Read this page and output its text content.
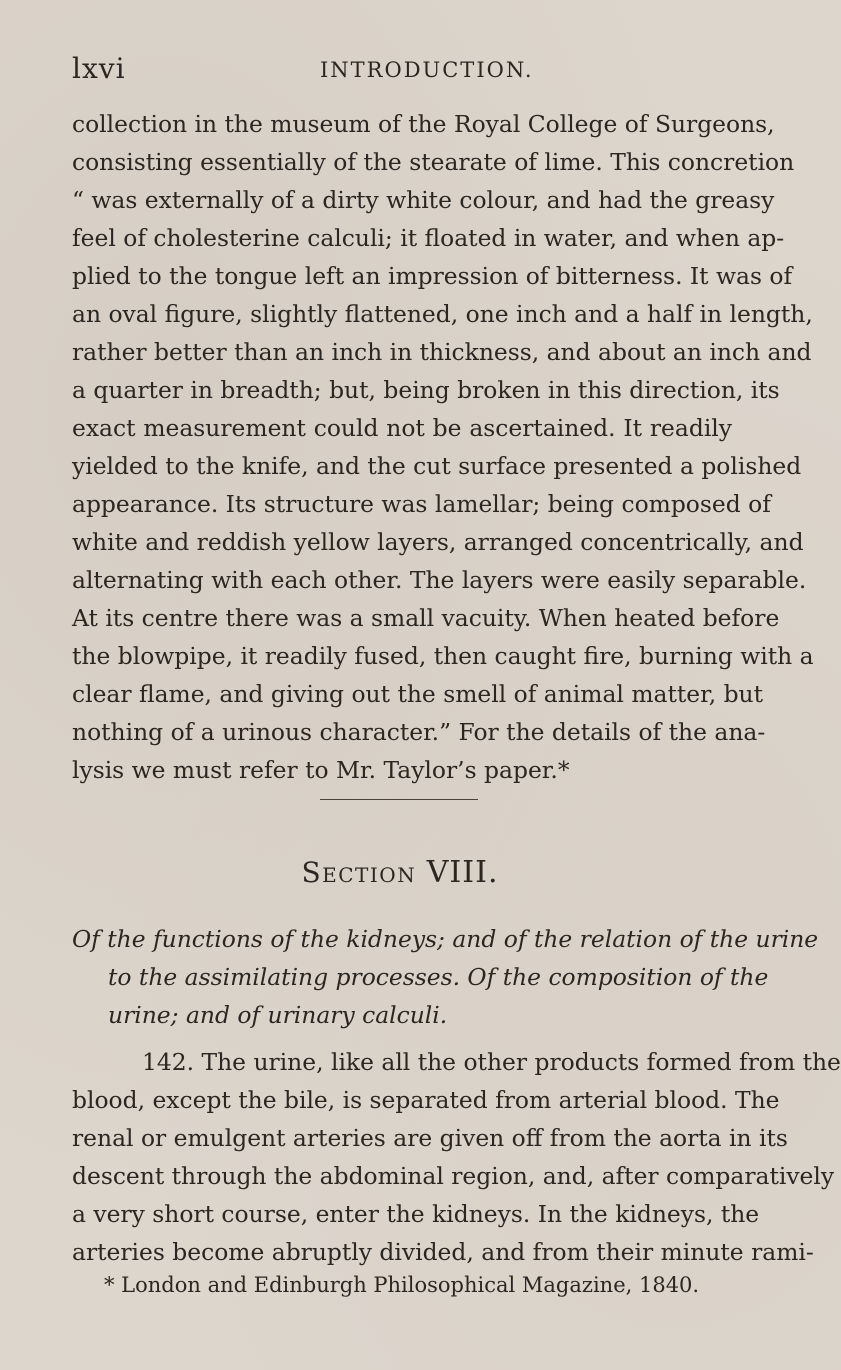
lxvi	INTRODUCTION.
collection in the museum of the Royal College of Surgeons,
consisting essentially of the stearate of lime. This concretion
“ was externally of a dirty white colour, and had the greasy
feel of cholesterine calculi; it floated in water, and when ap-
plied to the tongue left an impression of bitterness. It was of
an oval figure, slightly flattened, one inch and a half in length,
rather better than an inch in thickness, and about an inch and
a quarter in breadth; but, being broken in this direction, its
exact measurement could not be ascertained. It readily
yielded to the knife, and the cut surface presented a polished
appearance. Its structure was lamellar; being composed of
white and reddish yellow layers, arranged concentrically, and
alternating with each other. The layers were easily separable.
At its centre there was a small vacuity. When heated before
the blowpipe, it readily fused, then caught fire, burning with a
clear flame, and giving out the smell of animal matter, but
nothing of a urinous character.” For the details of the ana-
lysis we must refer to Mr. Taylor’s paper.*
Section VIII.
Of the functions of the kidneys; and of the relation of the urine
to the assimilating processes. Of the composition of the
urine; and of urinary calculi.
142. The urine, like all the other products formed from the
blood, except the bile, is separated from arterial blood. The
renal or emulgent arteries are given off from the aorta in its
descent through the abdominal region, and, after comparatively
a very short course, enter the kidneys. In the kidneys, the
arteries become abruptly divided, and from their minute rami-
* London and Edinburgh Philosophical Magazine, 1840.
